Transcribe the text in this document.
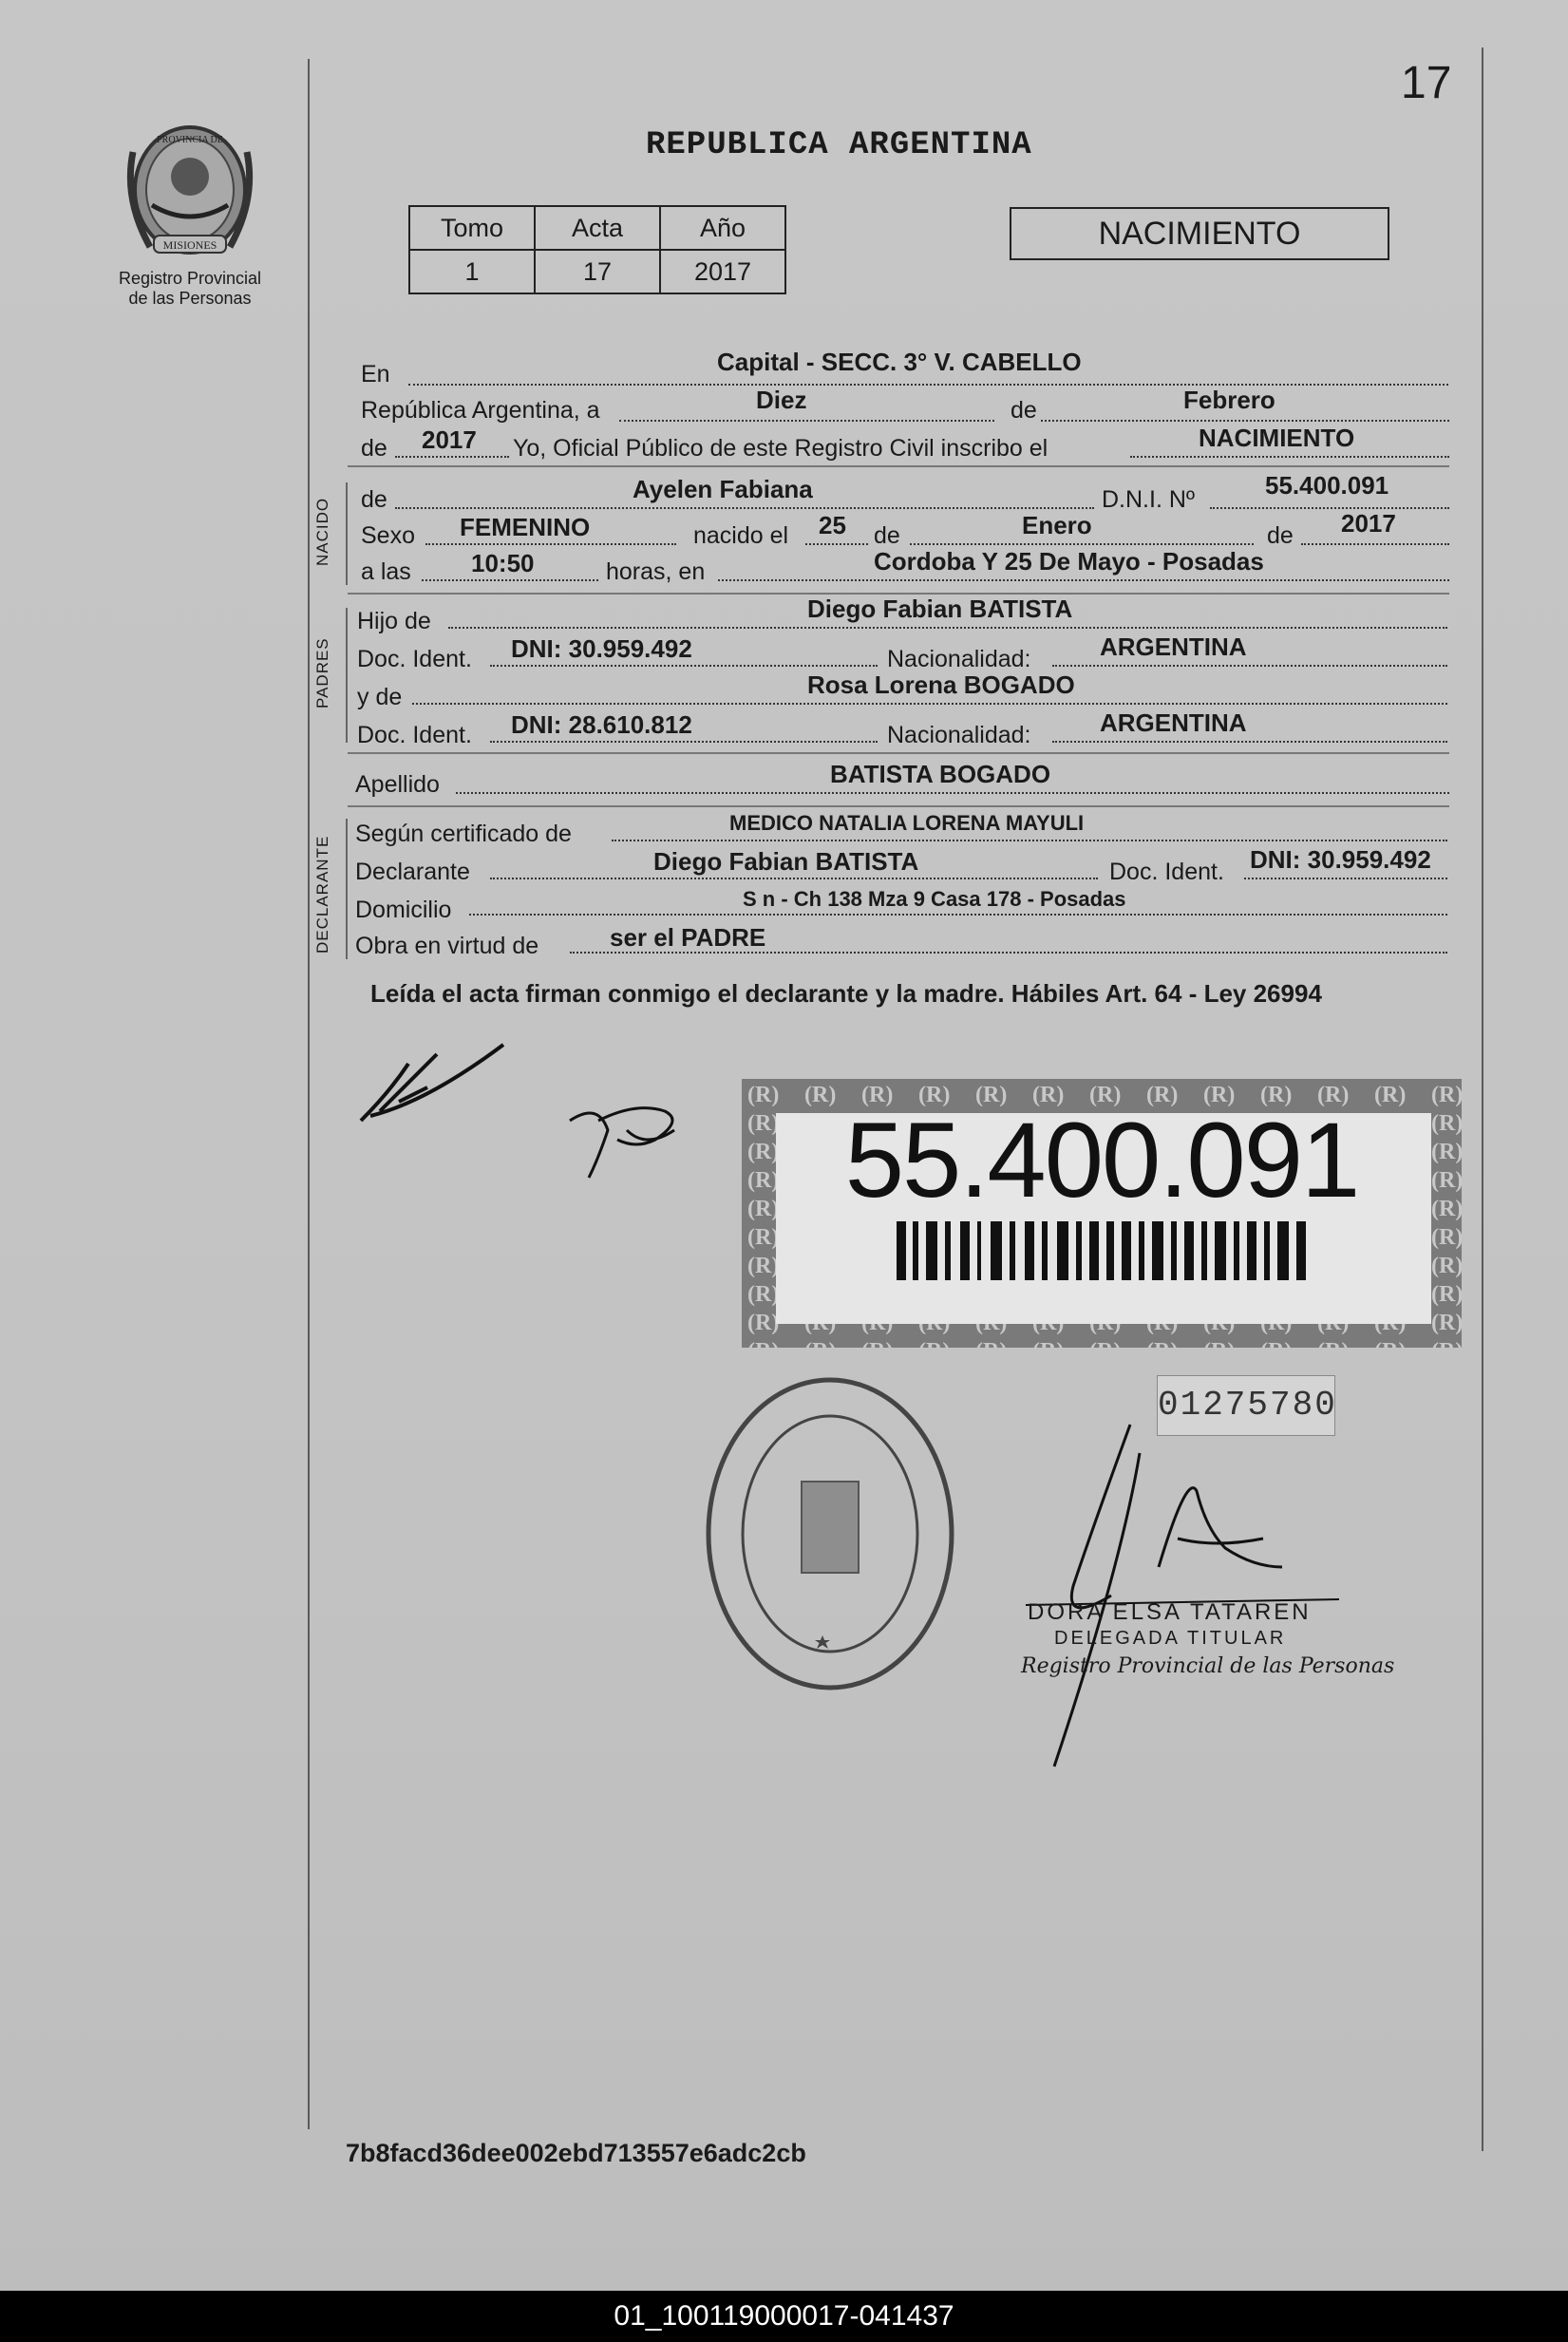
17
MISIONES
PROVINCIA DE
Registro Provincial
de las Personas
REPUBLICA ARGENTINA
Tomo	Acta	Año
1	17	2017
NACIMIENTO
En	Capital - SECC. 3° V. CABELLO
República Argentina, a	Diez	de	Febrero
de 2017 Yo, Oficial Público de este Registro Civil inscribo el	NACIMIENTO
NACIDO de	Ayelen Fabiana	D.N.I. Nº	55.400.091
Sexo FEMENINO	nacido el 25 de	Enero	de 2017
a las 10:50	horas, en	Cordoba Y 25 De Mayo - Posadas
PADRES
Hijo de	Diego Fabian BATISTA
Doc. Ident. DNI: 30.959.492	Nacionalidad:	ARGENTINA
y de	Rosa Lorena BOGADO
Doc. Ident. DNI: 28.610.812	Nacionalidad:	ARGENTINA
Apellido	BATISTA BOGADO
DECLARANTE
Según certificado de	MEDICO NATALIA LORENA MAYULI
Declarante	Diego Fabian BATISTA	Doc. Ident. DNI: 30.959.492
Domicilio	S n - Ch 138 Mza 9 Casa 178 - Posadas
Obra en virtud de	ser el PADRE
Leída el acta firman conmigo el declarante y la madre. Hábiles Art. 64 - Ley 26994
55.400.091
01275780
DORA ELSA TATAREN
DELEGADA TITULAR
Registro Provincial de las Personas
7b8facd36dee002ebd713557e6adc2cb
01_100119000017-041437
